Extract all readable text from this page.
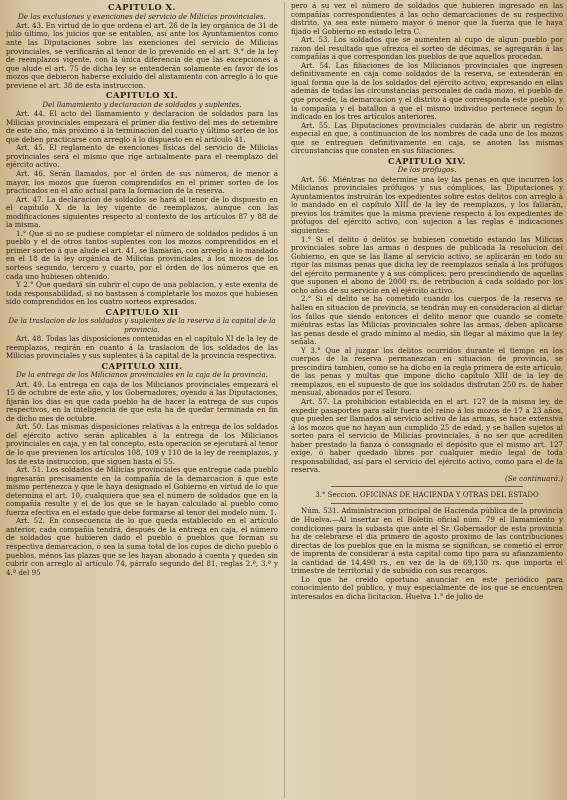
CAPITULO X.
De las exclusiones y exenciones del servicio de Milicias provinciales.

Art. 43. En virtud de lo que ordena el art. 26 de la ley orgánica de 31 de julio último, los juicios que se entablen, así ante los Ayuntamientos como ante las Diputaciones sobre las exenciones del servicio de Milicias provinciales, se verificarán al tenor de lo prevenido en el art. 9.° de la ley de reemplazos vigente, con la única diferencia de que las excepciones á que alude el art. 75 de dicha ley se entenderán solamente en favor de los mozos que debieron haberse excluido del alistamiento con arreglo á lo que previene el art. 38 de esta instruccion.

CAPITULO XI.
Del llamamiento y declaracion de soldados y suplentes.

Art. 44. El acto del llamamiento y declaracion de soldados para las Milicias provinciales empezará el primer dia festivo del mes de setiembre de este año, más próximo á la terminacion del cuarto y último sorteo de los que deben practicarse con arreglo á lo dispuesto en el artículo 41.

Art. 45. El reglamento de exenciones físicas del servicio de Milicias provinciales será el mismo que rige actualmente para el reemplazo del ejército activo.

Art. 46. Serán llamados, por el órden de sus números, de menor á mayor, los mozos que fueron comprendidos en el primer sorteo de los practicados en el año actual para la formacion de la reserva.

Art. 47. La declaracion de soldados se hará al tenor de lo dispuesto en el capítulo X de la ley vigente de reemplazos, aunque con las modificaciones siguientes respecto al contexto de los artículos 87 y 88 de la misma.

1.° Que si no se pudiese completar el número de soldados pedidos á un pueblo y el de otros tantos suplentes con los mozos comprendidos en el primer sorteo á que alude el art. 41, se llamarán, con arreglo á lo mandado en el 18 de la ley orgánica de Milicias provinciales, á los mozos de los sorteos segundo, tercero y cuarto, por el órden de los números que en cada uno hubiesen obtenido.

Y 2.° Que quedará sin cubrir el cupo de una poblacion, y este exenta de toda responsabilidad, si no bastasen á completarle los mozos que hubiesen sido comprendidos en los cuatro sorteos expresados.

CAPITULO XII
De la traslacion de los soldados y suplentes de la reserva á la capital de la provincia.

Art. 48. Todas las disposiciones contenidas en el capítulo XI de la ley de reemplazos, regirán en cuanto á la traslacion de los soldados de las Milicias provinciales y sus suplentes á la capital de la provincia respectiva.

CAPITULO XIII.
De la entrega de los Milicianos provinciales en la caja de la provincia.

Art. 49. La entrega en caja de los Milicianos provinciales empezará el 15 de octubre de este año, y los Gobernadores, oyendo á las Diputaciones, fijarán los dias en que cada pueblo ha de hacer la entrega de sus cupos respectivos, en la inteligencia de que esta ha de quedar terminada en fin de dicho mes de octubre.

Art. 50. Las mismas disposiciones relativas á la entrega de los soldados del ejército activo serán aplicables á la entrega de los Milicianos provinciales en caja, y en tal concepto, esta operacion se ejecutará al tenor de lo que previenen los artículos 108, 109 y 110 de la ley de reemplazos, y los de esta instruccion, que siguen hasta el 55.

Art. 51. Los soldados de Milicias provinciales que entregue cada pueblo ingresarán precisamente en la compañía de la demarcacion á que este mismo pertenezca y que le haya designado el Gobierno en virtud de lo que determina el art. 10, cualquiera que sea el número de soldados que en la compañía resulte y el de los que se le hayan calculado al pueblo como fuerza efectiva en el estado que debe formarse al tenor del modelo núm. 1.

Art. 52. En consecuencia de lo que queda establecido en el artículo anterior, cada compañía tendrá, después de la entrega en caja, el número de soldados que hubieren dado el pueblo ó pueblos que forman su respectiva demarcacion, ó sea la suma total de los cupos de dicho pueblo ó pueblos, ménos las plazas que se les hayan abonado á cuenta y queden sin cubrir con arreglo al artículo 74, párrafo segundo del 81, reglas 2.ª, 3.ª y 4.ª del 95

pero á su vez el número de soldados que hubieren ingresado en las compañías correspondientes á las ocho demarcaciones de su respectivo distrito, ya sea este número mayor ó menor que la fuerza que le haya fijado el Gobierno en estado letra C.

Art. 53. Los soldados que se aumenten al cupo de algun pueblo por razon del resultado que ofrezca el sorteo de décimas, se agregarán á las compañías á que correspondan los pueblos de que aquellos procedan.

Art. 54. Las filiaciones de los Milicianos provinciales que ingresen definitivamente en caja como soldados de la reserva, se extenderán en igual forma que la de los soldados del ejército activo, expresando en ellas además de todas las circunstancias personales de cada mozo, el pueblo de que procede, la demarcacion y el distrito á que corresponda este pueblo, y la compañía y el batallon á que el mismo individuo pertenece segun lo indicado en los tres artículos anteriores.

Art. 55. Las Diputaciones provinciales cuidarán de abrir un registro especial en que, á continuacion de los nombres de cada uno de los mozos que se entreguen definitivamente en caja, se anoten las mismas circunstancias que consten en sus filiaciones.

CAPITULO XIV.
De los prófugos.

Art. 56. Miéntras no determine una ley las penas en que incurren los Milicianos provinciales prófugos y sus cómplices, las Diputaciones y Ayuntamientos instruirán los expedientes sobre estos delitos con arreglo á lo mandado en el capítulo XIII de la ley de reemplazos, y los fallarán, previos los trámites que la misma previene respecto á los expedientes de prófugos del ejército activo, con sujecion á las reglas é indicaciones siguientes:

1.° Si el delito ó delitos se hubiesen cometido estando las Milicias provinciales sobre las armas ó despues de publicada la resolucion del Gobierno, en que se las llame al servicio activo, se aplicarán en todo su rigor las mismas penas que dicha ley de reemplazos señala á los prófugos del ejército permanente y á sus cómplices; pero prescindiendo de aquellas que suponen el abono de 2000 rs. de retribucion á cada soldado por los ocho años de su servicio en el ejército activo.

2.° Si el delito se ha cometido cuando los cuerpos de la reserva se hallen en situacion de provincia, se tendrán muy en consideracion al dictar los fallos que siendo entonces el delito menor que cuando se comete miéntras estas las Milicias provinciales sobre las armas, deben aplicarse las penas desde el grado mínimo al medio, sin llegar al máximo que la ley señala.

Y 3.° Que al juzgar los delitos ocurridos durante el tiempo en los cuerpos de la reserva permanezcan en situacion de provincia, se prescindirá tambien, como se ha dicho en la regla primera de este artículo, de las penas y multas que impone dicho capítulo XIII de la ley de reemplazos, en el supuesto de que los soldados disfrutan 250 rs. de haber mensual, abonados por el Tesoro.

Art. 57. La prohibicion establecida en el art. 127 de la misma ley, de expedir pasaportes para salir fuera del reino á los mozos de 17 á 23 años, que pueden ser llamados al servicio activo de las armas, se hace extensiva á los mozos que no hayan aun cumplido 25 de edad, y se hallen sujetos al sorteo para el servicio de Milicias provinciales, á no ser que acrediten haber prestado la fianza ó consignado el depósito que el mismo art. 127 exige, ó haber quedado libres por cualquier medio legal de toda responsabilidad, así para el servicio del ejército activo, como para el de la reserva.

(Se continuará.)
3.° Seccion. OFICINAS DE HACIENDA Y OTRAS DEL ESTADO

Núm. 531. Administracion principal de Hacienda pública de la provincia de Huelva.—Al insertar en el Boletin oficial núm. 79 el llamamiento y condiciones para la subasta que ante el Sr. Gobernador de esta provincia ha de celebrarse el dia primero de agosto próximo de las contribuciones directas de los pueblos que en la misma se significan, se cometió el error de imprenta de considerar á esta capital como tipo para su afianzamiento la cantidad de 14,490 rs., en vez de la de 69,130 rs. que importa el trimestre de territorial y de subsidio con sus recargos.

Lo que he creido oportuno anunciar en este periódico para conocimiento del público, y muy especialmente de los que se encuentren interesados en dicha licitacion. Huelva 1.° de julio de
